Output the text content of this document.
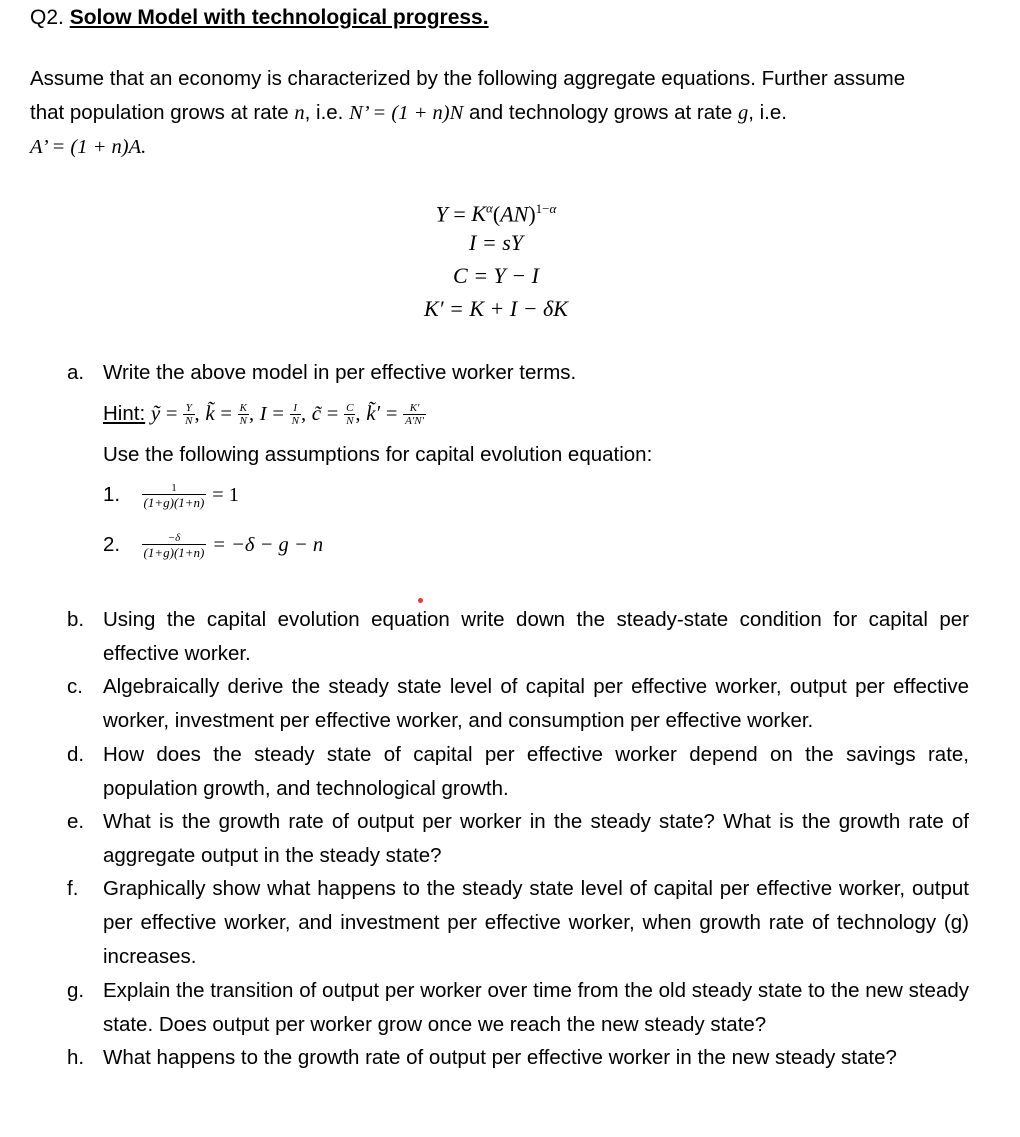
Q2. Solow Model with technological progress.
Assume that an economy is characterized by the following aggregate equations. Further assume
that population grows at rate n, i.e. N’ = (1 + n)N and technology grows at rate g, i.e.
A’ = (1 + n)A.
$Y = K^\alpha(AN)^{1-\alpha}$
I = sY
C = Y − I
K′ = K + I − δK
a. Write the above model in per effective worker terms.
Hint: ỹ = $\frac{Y}{N}$ , k̃ = $\frac{K}{N}$ , $I = \frac{I}{N}$ , c̃ = $\frac{C}{N}$ , k̃′ = $\frac{K'}{A'N'}$
Use the following assumptions for capital evolution equation:
1. $\frac{1}{(1+g)(1+n)} = 1$
2. $\frac{-\delta}{(1+g)(1+n)} = -\delta - g - n$
b. Using the capital evolution equation write down the steady-state condition for capital per effective worker.
c. Algebraically derive the steady state level of capital per effective worker, output per effective worker, investment per effective worker, and consumption per effective worker.
d. How does the steady state of capital per effective worker depend on the savings rate, population growth, and technological growth.
e. What is the growth rate of output per worker in the steady state? What is the growth rate of aggregate output in the steady state?
f.	Graphically show what happens to the steady state level of capital per effective worker, output per effective worker, and investment per effective worker, when growth rate of technology (g) increases.
g. Explain the transition of output per worker over time from the old steady state to the new steady state. Does output per worker grow once we reach the new steady state?
h. What happens to the growth rate of output per effective worker in the new steady state?
